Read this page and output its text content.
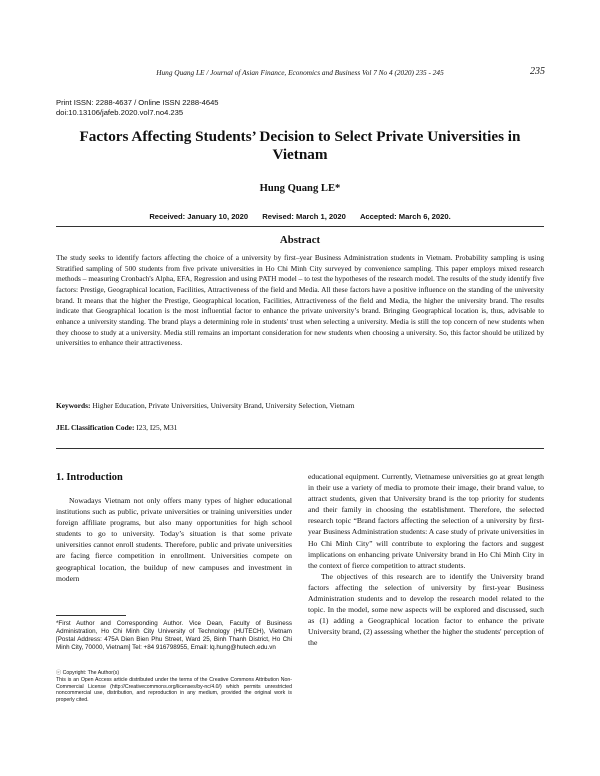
Hung Quang LE / Journal of Asian Finance, Economics and Business Vol 7 No 4 (2020) 235 - 245	235
Print ISSN: 2288-4637 / Online ISSN 2288-4645
doi:10.13106/jafeb.2020.vol7.no4.235
Factors Affecting Students’ Decision to Select Private Universities in Vietnam
Hung Quang LE*
Received: January 10, 2020 Revised: March 1, 2020 Accepted: March 6, 2020.
Abstract

The study seeks to identify factors affecting the choice of a university by first–year Business Administration students in Vietnam. Probability sampling is using Stratified sampling of 500 students from five private universities in Ho Chi Minh City surveyed by convenience sampling. This paper employs mixed research methods – measuring Cronbach's Alpha, EFA, Regression and using PATH model – to test the hypotheses of the research model. The results of the study identify five factors: Prestige, Geographical location, Facilities, Attractiveness of the field and Media. All these factors have a positive influence on the standing of the university brand. It means that the higher the Prestige, Geographical location, Facilities, Attractiveness of the field and Media, the higher the university brand. The results indicate that Geographical location is the most influential factor to enhance the private university’s brand. Bringing Geographical location is, thus, advisable to enhance a university standing. The brand plays a determining role in students' trust when selecting a university. Media is still the top concern of new students when they choose to study at a university. Media still remains an important consideration for new students when choosing a university. So, this factor should be utilized by universities to enhance their attractiveness.

Keywords: Higher Education, Private Universities, University Brand, University Selection, Vietnam

JEL Classification Code: I23, I25, M31

1. Introduction

Nowadays Vietnam not only offers many types of higher educational institutions such as public, private universities or training universities under foreign affiliate programs, but also many opportunities for high school students to go to university. Today’s situation is that some private universities cannot enroll students. Therefore, public and private universities are facing fierce competition in enrollment. Universities compete on geographical location, the buildup of new campuses and investment in modern

educational equipment. Currently, Vietnamese universities go at great length in their use a variety of media to promote their image, their brand value, to attract students, given that University brand is the top priority for students and their family in choosing the establishment. Therefore, the selected research topic “Brand factors affecting the selection of a university by first-year Business Administration students: A case study of private universities in Ho Chi Minh City” will contribute to exploring the factors and suggest implications on enhancing private University brand in Ho Chi Minh City in the context of fierce competition to attract students.

The objectives of this research are to identify the University brand factors affecting the selection of university by first-year Business Administration students and to develop the research model related to the topic. In the model, some new aspects will be explored and discussed, such as (1) adding a Geographical location factor to enhance the private University brand, (2) assessing whether the higher the students' perception of the

*First Author and Corresponding Author. Vice Dean, Faculty of Business Administration, Ho Chi Minh City University of Technology (HUTECH), Vietnam [Postal Address: 475A Dien Bien Phu Street, Ward 25, Binh Thanh District, Ho Chi Minh City, 70000, Vietnam] Tel: +84 916798955, Email: lq.hung@hutech.edu.vn

ⓒ Copyright: The Author(s)

This is an Open Access article distributed under the terms of the Creative Commons Attribution Non-Commercial License (http://Creativecommons.org/licenses/by-nc/4.0/) which permits unrestricted noncommercial use, distribution, and reproduction in any medium, provided the original work is properly cited.
